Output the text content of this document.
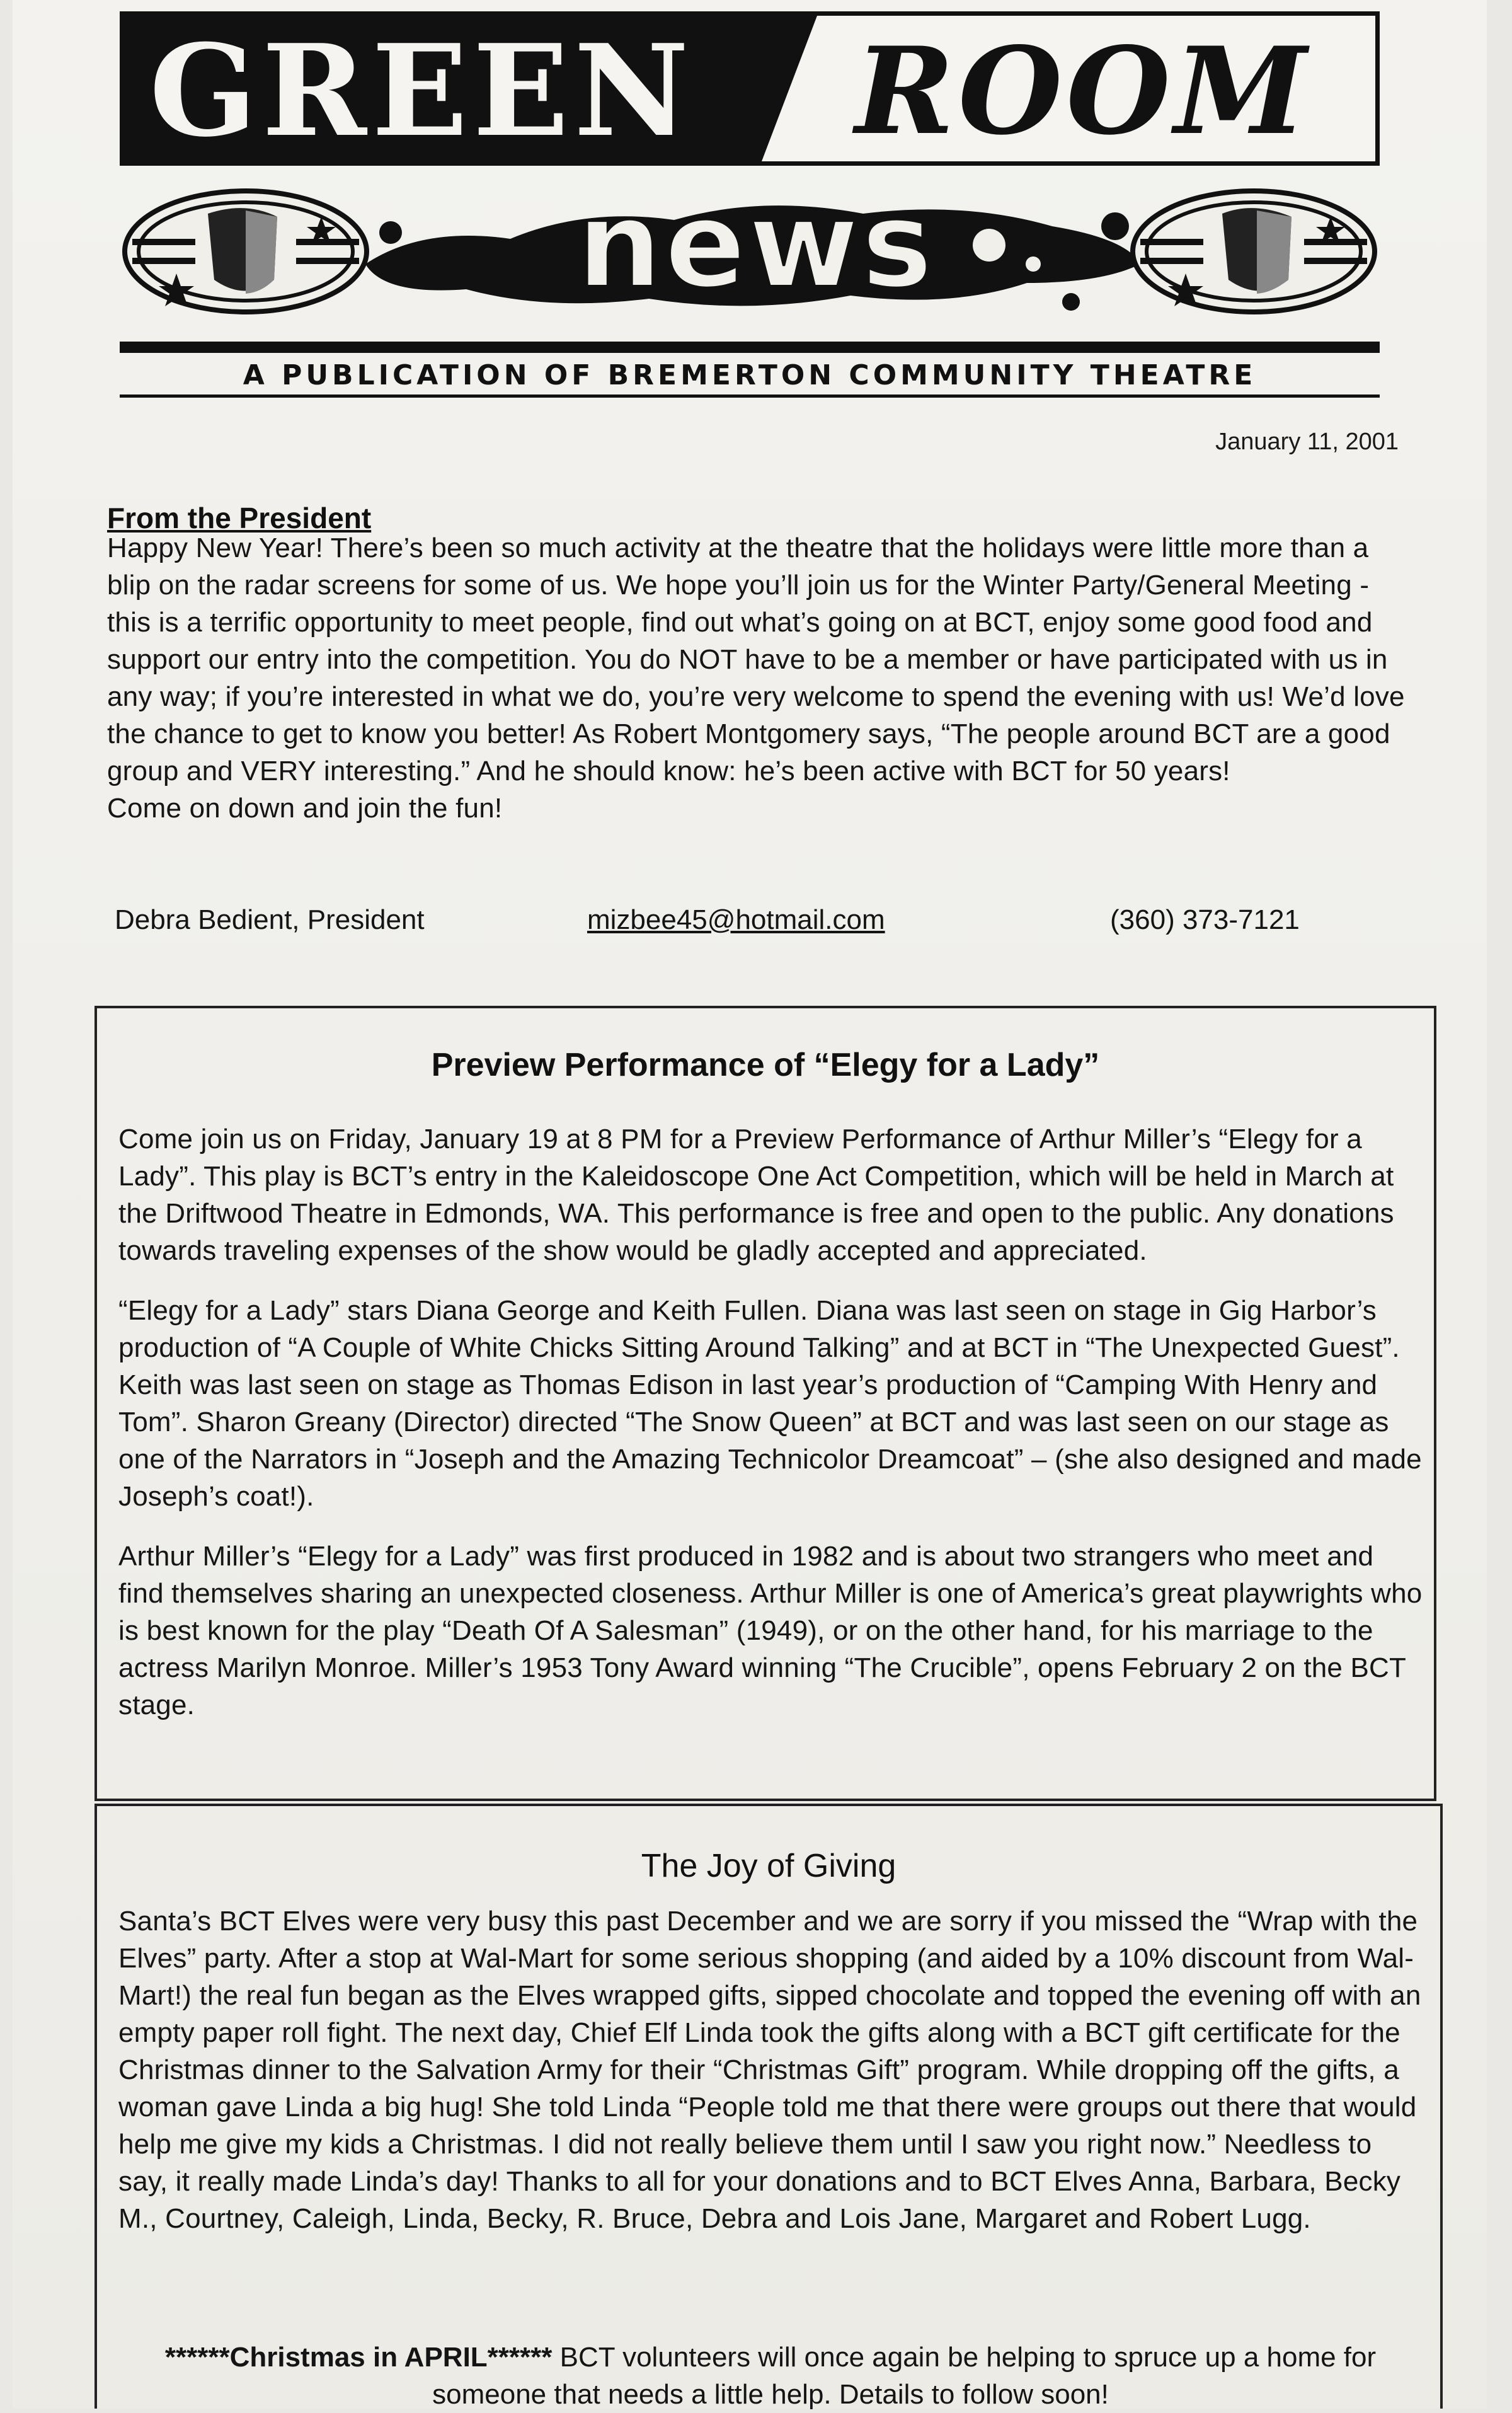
GREEN ROOM
news
A PUBLICATION OF BREMERTON COMMUNITY THEATRE
January 11, 2001
From the President

Happy New Year! There’s been so much activity at the theatre that the holidays were little more than a blip on the radar screens for some of us. We hope you’ll join us for the Winter Party/General Meeting - this is a terrific opportunity to meet people, find out what’s going on at BCT, enjoy some good food and support our entry into the competition. You do NOT have to be a member or have participated with us in any way; if you’re interested in what we do, you’re very welcome to spend the evening with us! We’d love the chance to get to know you better! As Robert Montgomery says, “The people around BCT are a good group and VERY interesting.” And he should know: he’s been active with BCT for 50 years!

Come on down and join the fun!

Debra Bedient, President	mizbee45@hotmail.com	(360) 373-7121
Preview Performance of “Elegy for a Lady”

Come join us on Friday, January 19 at 8 PM for a Preview Performance of Arthur Miller’s “Elegy for a Lady”. This play is BCT’s entry in the Kaleidoscope One Act Competition, which will be held in March at the Driftwood Theatre in Edmonds, WA. This performance is free and open to the public. Any donations towards traveling expenses of the show would be gladly accepted and appreciated.

“Elegy for a Lady” stars Diana George and Keith Fullen. Diana was last seen on stage in Gig Harbor’s production of “A Couple of White Chicks Sitting Around Talking” and at BCT in “The Unexpected Guest”. Keith was last seen on stage as Thomas Edison in last year’s production of “Camping With Henry and Tom”. Sharon Greany (Director) directed “The Snow Queen” at BCT and was last seen on our stage as one of the Narrators in “Joseph and the Amazing Technicolor Dreamcoat” – (she also designed and made Joseph’s coat!).

Arthur Miller’s “Elegy for a Lady” was first produced in 1982 and is about two strangers who meet and find themselves sharing an unexpected closeness. Arthur Miller is one of America’s great playwrights who is best known for the play “Death Of A Salesman” (1949), or on the other hand, for his marriage to the actress Marilyn Monroe. Miller’s 1953 Tony Award winning “The Crucible”, opens February 2 on the BCT stage.

The Joy of Giving

Santa’s BCT Elves were very busy this past December and we are sorry if you missed the “Wrap with the Elves” party. After a stop at Wal-Mart for some serious shopping (and aided by a 10% discount from Wal-Mart!) the real fun began as the Elves wrapped gifts, sipped chocolate and topped the evening off with an empty paper roll fight. The next day, Chief Elf Linda took the gifts along with a BCT gift certificate for the Christmas dinner to the Salvation Army for their “Christmas Gift” program. While dropping off the gifts, a woman gave Linda a big hug! She told Linda “People told me that there were groups out there that would help me give my kids a Christmas. I did not really believe them until I saw you right now.” Needless to say, it really made Linda’s day! Thanks to all for your donations and to BCT Elves Anna, Barbara, Becky M., Courtney, Caleigh, Linda, Becky, R. Bruce, Debra and Lois Jane, Margaret and Robert Lugg.

******Christmas in APRIL****** BCT volunteers will once again be helping to spruce up a home for someone that needs a little help. Details to follow soon!
